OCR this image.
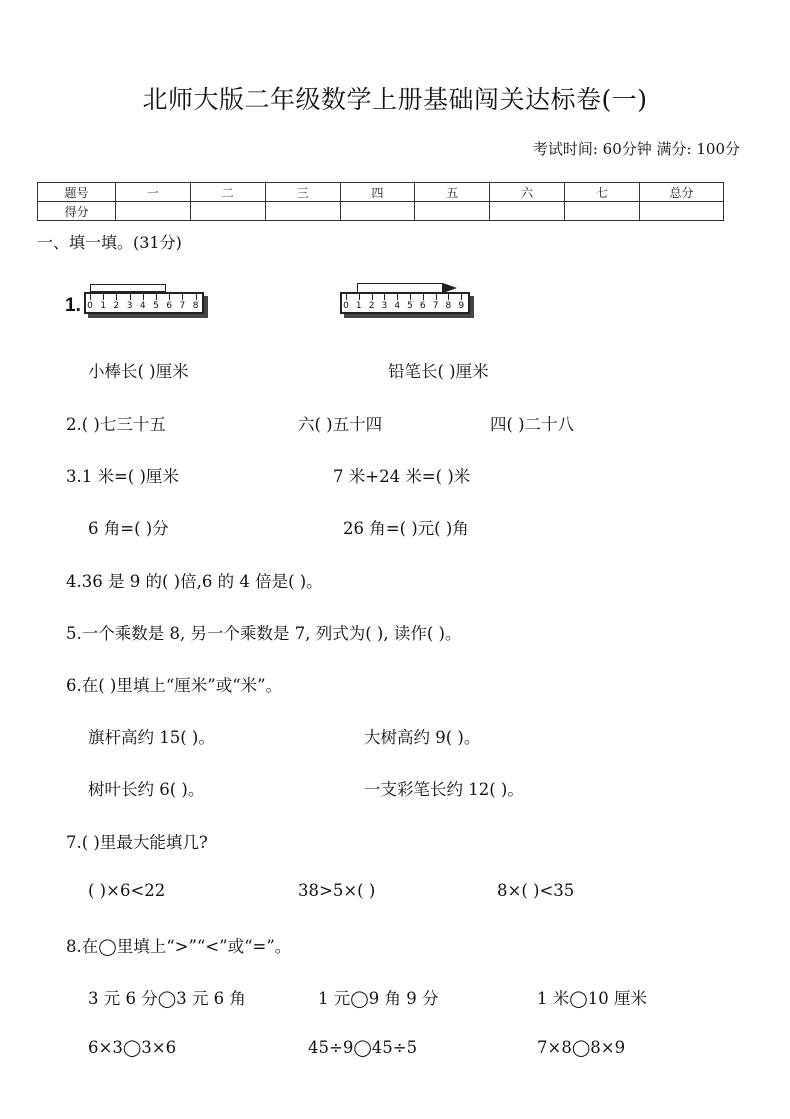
北师大版二年级数学上册基础闯关达标卷(一)
考试时间: 60分钟 满分: 100分
题号	一	二	三	四	五	六	七	总分
得分								
一、填一填。(31分)
1. 0 1 2 3 4 5 6 7 8	0 1 2 3 4 5 6 7 8 9
小棒长( )厘米	铅笔长( )厘米
2.( )七三十五	六( )五十四	四( )二十八
3.1 米=( )厘米	7 米+24 米=( )米
6 角=( )分	26 角=( )元( )角
4.36 是 9 的( )倍,6 的 4 倍是( )。
5.一个乘数是 8, 另一个乘数是 7, 列式为( ), 读作( )。
6.在( )里填上“厘米”或“米”。
旗杆高约 15( )。	大树高约 9( )。
树叶长约 6( )。	一支彩笔长约 12( )。
7.( )里最大能填几?
( )×6<22	38>5×( )	8×( )<35
8.在◯里填上“>”“<”或“=”。
3 元 6 分◯3 元 6 角	1 元◯9 角 9 分	1 米◯10 厘米
6×3◯3×6	45÷9◯45÷5	7×8◯8×9
